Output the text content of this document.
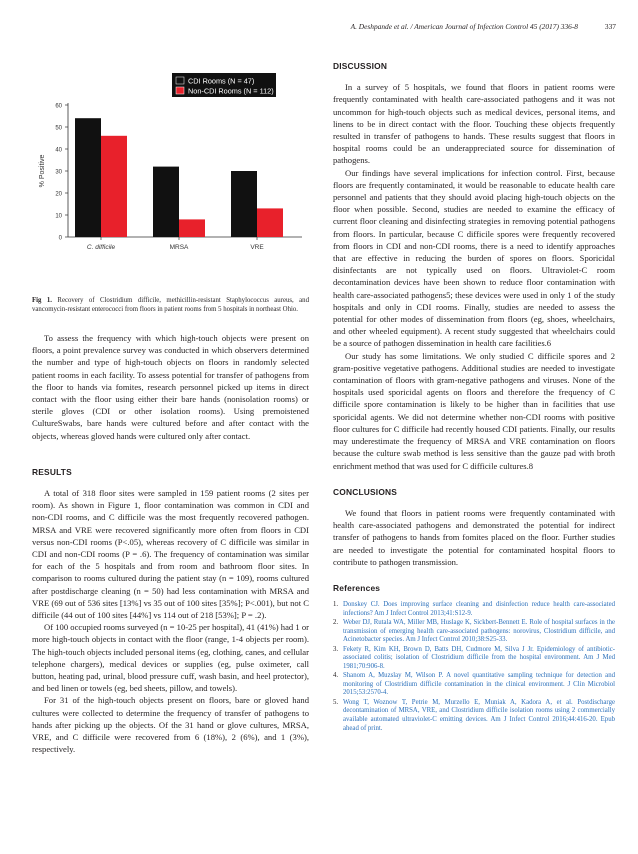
A. Deshpande et al. / American Journal of Infection Control 45 (2017) 336-8	337
0
10
20
30
40
50
60
% Positive
C. difficile	MRSA	VRE
CDI Rooms (N = 47)
Non-CDI Rooms (N = 112)
Fig 1. Recovery of Clostridium difficile, methicillin-resistant Staphylococcus aureus, and vancomycin-resistant enterococci from floors in patient rooms from 5 hospitals in northeast Ohio.

To assess the frequency with which high-touch objects were present on floors, a point prevalence survey was conducted in which observers determined the number and type of high-touch objects on floors in randomly selected patient rooms in each facility. To assess potential for transfer of pathogens from the floor to hands via fomites, research personnel picked up items in direct contact with the floor using either their bare hands (nonisolation rooms) or sterile gloves (CDI or other isolation rooms). Using premoistened CultureSwabs, bare hands were cultured before and after contact with the objects, whereas gloved hands were cultured only after contact.

RESULTS

A total of 318 floor sites were sampled in 159 patient rooms (2 sites per room). As shown in Figure 1, floor contamination was common in CDI and non-CDI rooms, and C difficile was the most frequently recovered pathogen. MRSA and VRE were recovered significantly more often from floors in CDI versus non-CDI rooms (P<.05), whereas recovery of C difficile was similar in CDI and non-CDI rooms (P = .6). The frequency of contamination was similar for each of the 5 hospitals and from room and bathroom floor sites. In comparison to rooms cultured during the patient stay (n = 109), rooms cultured after postdischarge cleaning (n = 50) had less contamination with MRSA and VRE (69 out of 536 sites [13%] vs 35 out of 100 sites [35%]; P<.001), but not C difficile (44 out of 100 sites [44%] vs 114 out of 218 [53%]; P = .2).

Of 100 occupied rooms surveyed (n = 10-25 per hospital), 41 (41%) had 1 or more high-touch objects in contact with the floor (range, 1-4 objects per room). The high-touch objects included personal items (eg, clothing, canes, and cellular telephone chargers), medical devices or supplies (eg, pulse oximeter, call button, heating pad, urinal, blood pressure cuff, wash basin, and heel protector), and bed linen or towels (eg, bed sheets, pillow, and towels).

For 31 of the high-touch objects present on floors, bare or gloved hand cultures were collected to determine the frequency of transfer of pathogens to hands after picking up the objects. Of the 31 hand or glove cultures, MRSA, VRE, and C difficile were recovered from 6 (18%), 2 (6%), and 1 (3%), respectively.

DISCUSSION

In a survey of 5 hospitals, we found that floors in patient rooms were frequently contaminated with health care-associated pathogens and it was not uncommon for high-touch objects such as medical devices, personal items, and linens to be in direct contact with the floor. Touching these objects frequently resulted in transfer of pathogens to hands. These results suggest that floors in hospital rooms could be an underappreciated source for dissemination of pathogens.

Our findings have several implications for infection control. First, because floors are frequently contaminated, it would be reasonable to educate health care personnel and patients that they should avoid placing high-touch objects on the floor when possible. Second, studies are needed to examine the efficacy of current floor cleaning and disinfecting strategies in removing potential pathogens from floors. In particular, because C difficile spores were frequently recovered from floors in CDI and non-CDI rooms, there is a need to identify approaches that are effective in reducing the burden of spores on floors. Sporicidal disinfectants are not typically used on floors. Ultraviolet-C room decontamination devices have been shown to reduce floor contamination with health care-associated pathogens5; these devices were used in only 1 of the study hospitals and only in CDI rooms. Finally, studies are needed to assess the potential for other modes of dissemination from floors (eg, shoes, wheelchairs, and other wheeled equipment). A recent study suggested that wheelchairs could be a source of pathogen dissemination in health care facilities.6

Our study has some limitations. We only studied C difficile spores and 2 gram-positive vegetative pathogens. Additional studies are needed to investigate contamination of floors with gram-negative pathogens and viruses. None of the hospitals used sporicidal agents on floors and therefore the frequency of C difficile spore contamination is likely to be higher than in facilities that use sporicidal agents. We did not determine whether non-CDI rooms with positive floor cultures for C difficile had recently housed CDI patients. Finally, our results may underestimate the frequency of MRSA and VRE contamination on floors because the culture swab method is less sensitive than the gauze pad with broth enrichment method that was used for C difficile cultures.8

CONCLUSIONS

We found that floors in patient rooms were frequently contaminated with health care-associated pathogens and demonstrated the potential for indirect transfer of pathogens to hands from fomites placed on the floor. Further studies are needed to investigate the potential for contaminated hospital floors to contribute to pathogen transmission.

References
1. Donskey CJ. Does improving surface cleaning and disinfection reduce health care-associated infections? Am J Infect Control 2013;41:S12-9.
2. Weber DJ, Rutala WA, Miller MB, Huslage K, Sickbert-Bennett E. Role of hospital surfaces in the transmission of emerging health care-associated pathogens: norovirus, Clostridium difficile, and Acinetobacter species. Am J Infect Control 2010;38:S25-33.
3. Fekety R, Kim KH, Brown D, Batts DH, Cudmore M, Silva J Jr. Epidemiology of antibiotic-associated colitis; isolation of Clostridium difficile from the hospital environment. Am J Med 1981;70:906-8.
4. Shanom A, Muzslay M, Wilson P. A novel quantitative sampling technique for detection and monitoring of Clostridium difficile contamination in the clinical environment. J Clin Microbiol 2015;53:2570-4.
5. Wong T, Woznow T, Petrie M, Murzello E, Muniak A, Kadora A, et al. Postdischarge decontamination of MRSA, VRE, and Clostridium difficile isolation rooms using 2 commercially available automated ultraviolet-C emitting devices. Am J Infect Control 2016;44:416-20. Epub ahead of print.
